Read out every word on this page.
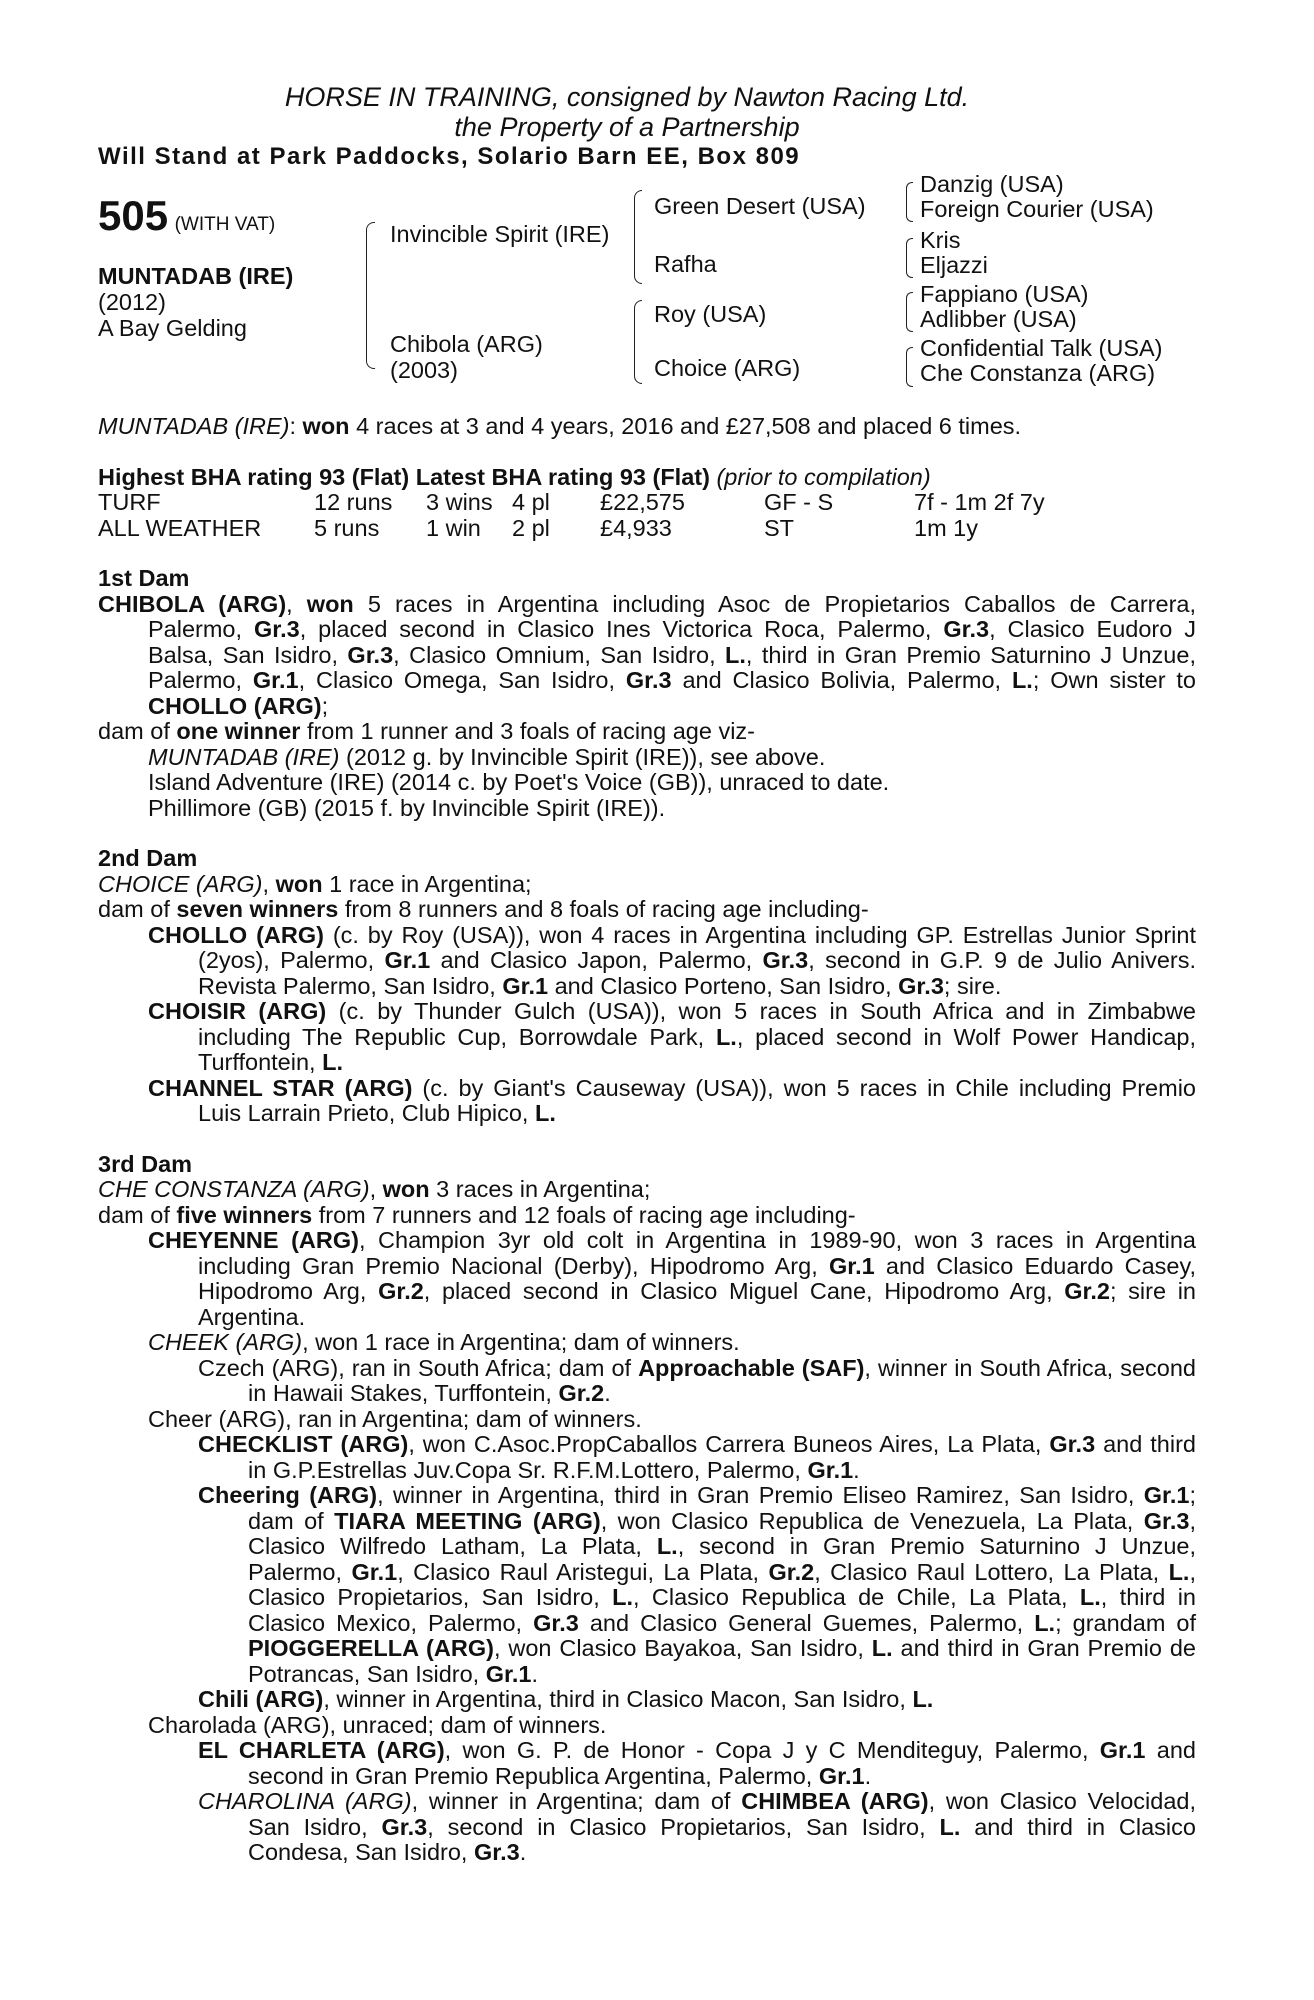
HORSE IN TRAINING, consigned by Nawton Racing Ltd.
the Property of a Partnership
Will Stand at Park Paddocks, Solario Barn EE, Box 809
505 (WITH VAT)
MUNTADAB (IRE)
(2012)
A Bay Gelding
Invincible Spirit (IRE)
Chibola (ARG)
(2003)
Green Desert (USA)
Rafha
Roy (USA)
Choice (ARG)
Danzig (USA)
Foreign Courier (USA)
Kris
Eljazzi
Fappiano (USA)
Adlibber (USA)
Confidential Talk (USA)
Che Constanza (ARG)

MUNTADAB (IRE): won 4 races at 3 and 4 years, 2016 and £27,508 and placed 6 times.

Highest BHA rating 93 (Flat) Latest BHA rating 93 (Flat) (prior to compilation)

TURF	12 runs	3 wins	4 pl	£22,575	GF - S	7f - 1m 2f 7y
ALL WEATHER	5 runs	1 win	2 pl	£4,933	ST	1m 1y

1st Dam

CHIBOLA (ARG), won 5 races in Argentina including Asoc de Propietarios Caballos de Carrera, Palermo, Gr.3, placed second in Clasico Ines Victorica Roca, Palermo, Gr.3, Clasico Eudoro J Balsa, San Isidro, Gr.3, Clasico Omnium, San Isidro, L., third in Gran Premio Saturnino J Unzue, Palermo, Gr.1, Clasico Omega, San Isidro, Gr.3 and Clasico Bolivia, Palermo, L.; Own sister to CHOLLO (ARG);

dam of one winner from 1 runner and 3 foals of racing age viz-

MUNTADAB (IRE) (2012 g. by Invincible Spirit (IRE)), see above.

Island Adventure (IRE) (2014 c. by Poet's Voice (GB)), unraced to date.

Phillimore (GB) (2015 f. by Invincible Spirit (IRE)).

2nd Dam

CHOICE (ARG), won 1 race in Argentina;

dam of seven winners from 8 runners and 8 foals of racing age including-

CHOLLO (ARG) (c. by Roy (USA)), won 4 races in Argentina including GP. Estrellas Junior Sprint (2yos), Palermo, Gr.1 and Clasico Japon, Palermo, Gr.3, second in G.P. 9 de Julio Anivers. Revista Palermo, San Isidro, Gr.1 and Clasico Porteno, San Isidro, Gr.3; sire.

CHOISIR (ARG) (c. by Thunder Gulch (USA)), won 5 races in South Africa and in Zimbabwe including The Republic Cup, Borrowdale Park, L., placed second in Wolf Power Handicap, Turffontein, L.

CHANNEL STAR (ARG) (c. by Giant's Causeway (USA)), won 5 races in Chile including Premio Luis Larrain Prieto, Club Hipico, L.

3rd Dam

CHE CONSTANZA (ARG), won 3 races in Argentina;

dam of five winners from 7 runners and 12 foals of racing age including-

CHEYENNE (ARG), Champion 3yr old colt in Argentina in 1989-90, won 3 races in Argentina including Gran Premio Nacional (Derby), Hipodromo Arg, Gr.1 and Clasico Eduardo Casey, Hipodromo Arg, Gr.2, placed second in Clasico Miguel Cane, Hipodromo Arg, Gr.2; sire in Argentina.

CHEEK (ARG), won 1 race in Argentina; dam of winners.

Czech (ARG), ran in South Africa; dam of Approachable (SAF), winner in South Africa, second in Hawaii Stakes, Turffontein, Gr.2.

Cheer (ARG), ran in Argentina; dam of winners.

CHECKLIST (ARG), won C.Asoc.PropCaballos Carrera Buneos Aires, La Plata, Gr.3 and third in G.P.Estrellas Juv.Copa Sr. R.F.M.Lottero, Palermo, Gr.1.

Cheering (ARG), winner in Argentina, third in Gran Premio Eliseo Ramirez, San Isidro, Gr.1; dam of TIARA MEETING (ARG), won Clasico Republica de Venezuela, La Plata, Gr.3, Clasico Wilfredo Latham, La Plata, L., second in Gran Premio Saturnino J Unzue, Palermo, Gr.1, Clasico Raul Aristegui, La Plata, Gr.2, Clasico Raul Lottero, La Plata, L., Clasico Propietarios, San Isidro, L., Clasico Republica de Chile, La Plata, L., third in Clasico Mexico, Palermo, Gr.3 and Clasico General Guemes, Palermo, L.; grandam of PIOGGERELLA (ARG), won Clasico Bayakoa, San Isidro, L. and third in Gran Premio de Potrancas, San Isidro, Gr.1.

Chili (ARG), winner in Argentina, third in Clasico Macon, San Isidro, L.

Charolada (ARG), unraced; dam of winners.

EL CHARLETA (ARG), won G. P. de Honor - Copa J y C Menditeguy, Palermo, Gr.1 and second in Gran Premio Republica Argentina, Palermo, Gr.1.

CHAROLINA (ARG), winner in Argentina; dam of CHIMBEA (ARG), won Clasico Velocidad, San Isidro, Gr.3, second in Clasico Propietarios, San Isidro, L. and third in Clasico Condesa, San Isidro, Gr.3.
